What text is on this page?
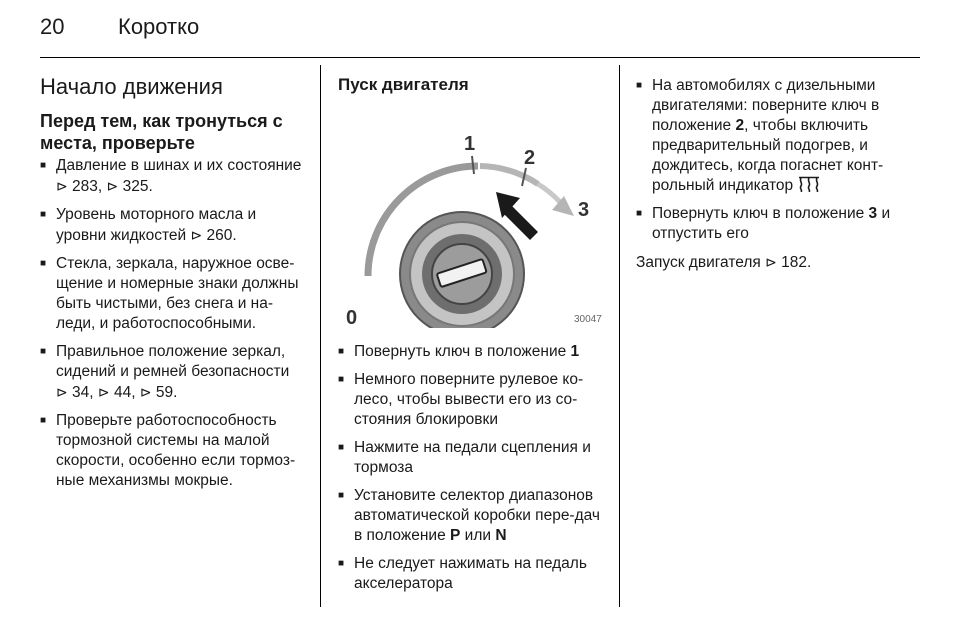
20 Коротко
Начало движения
Перед тем, как тронуться с места, проверьте
■ Давление в шинах и их состояние
⊳ 283, ⊳ 325.
■ Уровень моторного масла и уровни жидкостей ⊳ 260.
■ Стекла, зеркала, наружное осве-щение и номерные знаки должны быть чистыми, без снега и на-леди, и работоспособными.
■ Правильное положение зеркал, сидений и ремней безопасности
⊳ 34, ⊳ 44, ⊳ 59.
■ Проверьте работоспособность тормозной системы на малой скорости, особенно если тормоз-ные механизмы мокрые.
Пуск двигателя
0
1
2
3
30047
■ Повернуть ключ в положение 1
■ Немного поверните рулевое ко-лесо, чтобы вывести его из со-стояния блокировки
■ Нажмите на педали сцепления и тормоза
■ Установите селектор диапазонов автоматической коробки пере-дач в положение P или N
■ Не следует нажимать на педаль акселератора
■ На автомобилях с дизельными двигателями: поверните ключ в положение 2, чтобы включить предварительный подогрев, и дождитесь, когда погаснет конт-рольный индикатор
■ Повернуть ключ в положение 3 и отпустить его
Запуск двигателя ⊳ 182.
